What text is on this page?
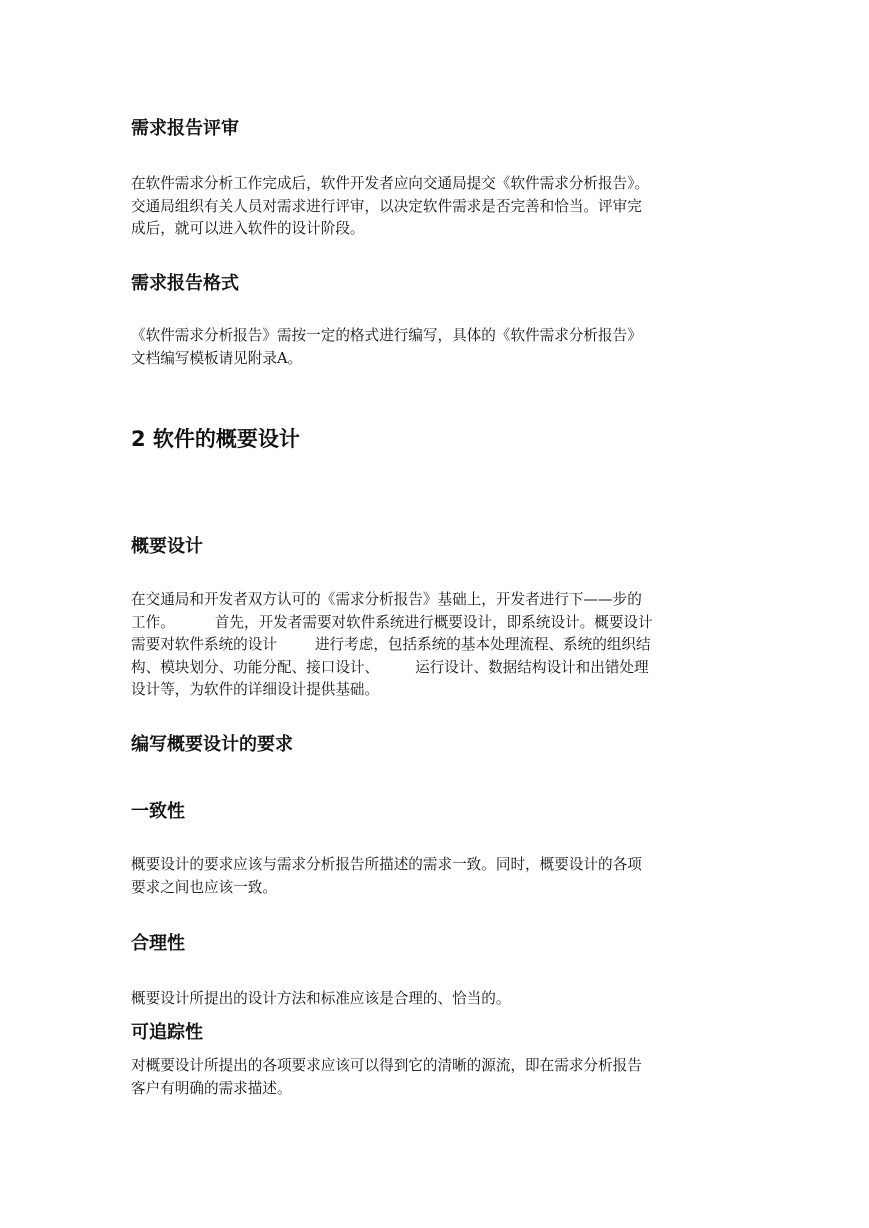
需求报告评审

在软件需求分析工作完成后，软件开发者应向交通局提交《软件需求分析报告》。
交通局组织有关人员对需求进行评审，以决定软件需求是否完善和恰当。评审完
成后，就可以进入软件的设计阶段。

需求报告格式

《软件需求分析报告》需按一定的格式进行编写，具体的《软件需求分析报告》
文档编写模板请见附录A。

2 软件的概要设计
概要设计

在交通局和开发者双方认可的《需求分析报告》基础上，开发者进行下——步的
工作。	首先，开发者需要对软件系统进行概要设计，即系统设计。概要设计
需要对软件系统的设计	进行考虑，包括系统的基本处理流程、系统的组织结
构、模块划分、功能分配、接口设计、 运行设计、数据结构设计和出错处理
设计等，为软件的详细设计提供基础。

编写概要设计的要求
一致性

概要设计的要求应该与需求分析报告所描述的需求一致。同时，概要设计的各项
要求之间也应该一致。

合理性

概要设计所提出的设计方法和标准应该是合理的、恰当的。

可追踪性

对概要设计所提出的各项要求应该可以得到它的清晰的源流，即在需求分析报告
客户有明确的需求描述。
